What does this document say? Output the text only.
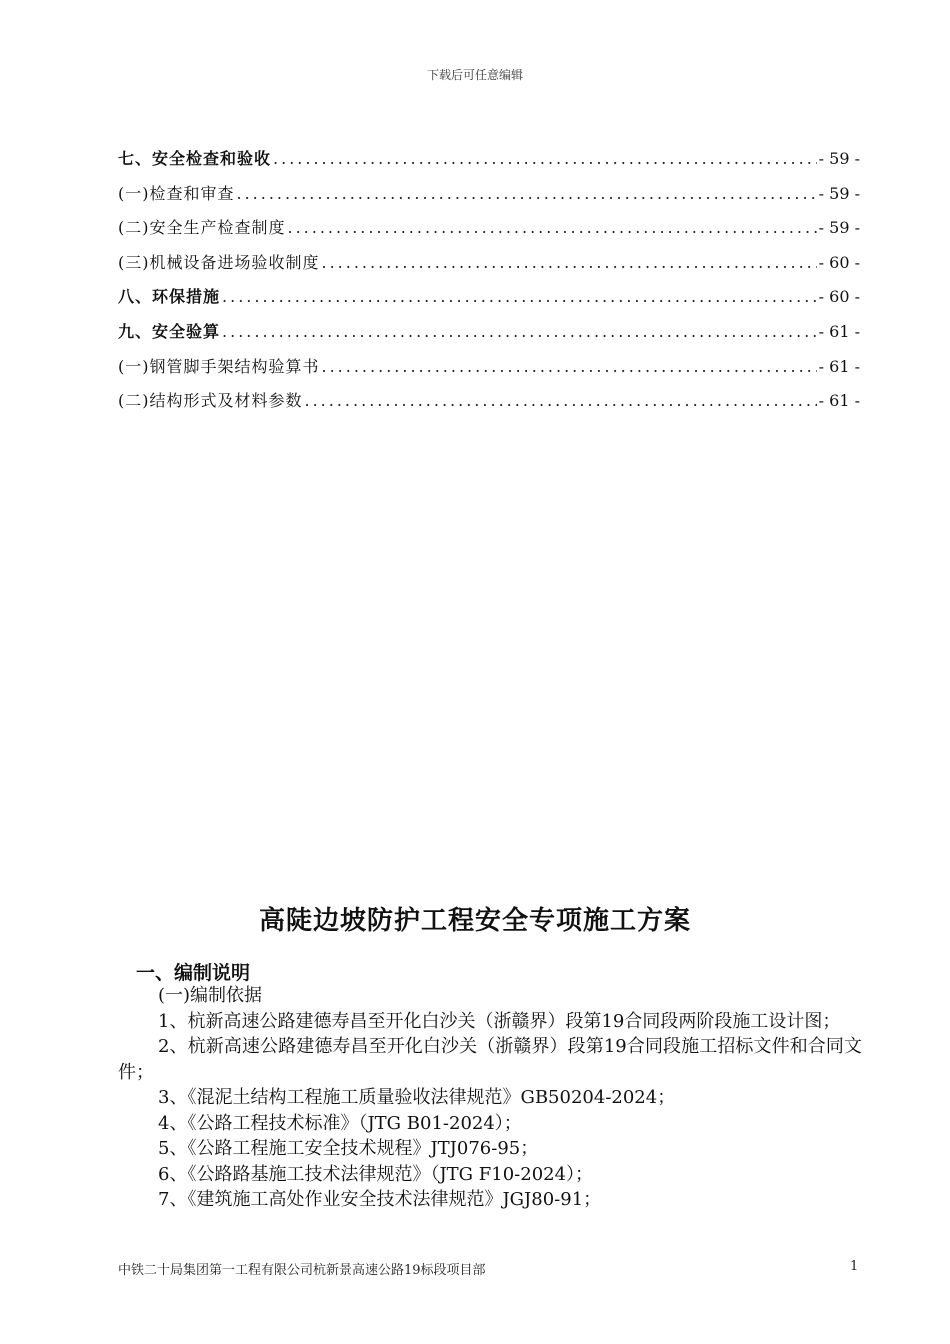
下载后可任意编辑
七、安全检查和验收 .....	- 59 -
(一)检查和审查 .....	- 59 -
(二)安全生产检查制度 .....	- 59 -
(三)机械设备进场验收制度 .....	- 60 -
八、环保措施 .....	- 60 -
九、安全验算 .....	- 61 -
(一)钢管脚手架结构验算书 .....	- 61 -
(二)结构形式及材料参数 .....	- 61 -
高陡边坡防护工程安全专项施工方案
一、编制说明

(一)编制依据

1、杭新高速公路建德寿昌至开化白沙关（浙赣界）段第19合同段两阶段施工设计图；

2、杭新高速公路建德寿昌至开化白沙关（浙赣界）段第19合同段施工招标文件和合同文件；

3、《混泥土结构工程施工质量验收法律规范》GB50204-2024；

4、《公路工程技术标准》（JTG B01-2024）；

5、《公路工程施工安全技术规程》JTJ076-95；

6、《公路路基施工技术法律规范》（JTG F10-2024）；

7、《建筑施工高处作业安全技术法律规范》JGJ80-91；

中铁二十局集团第一工程有限公司杭新景高速公路19标段项目部	1
